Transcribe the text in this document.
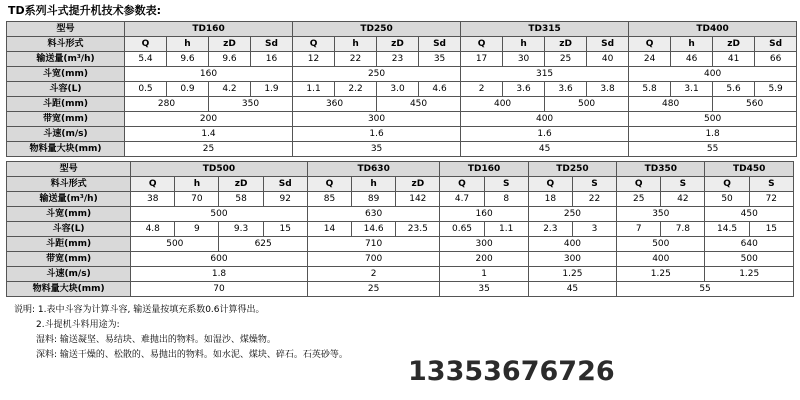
TD系列斗式提升机技术参数表:
型号	TD160				TD250				TD315				TD400			
料斗形式	Q	h	zD	Sd	Q	h	zD	Sd	Q	h	zD	Sd	Q	h	zD	Sd
输送量(m³/h)	5.4	9.6	9.6	16	12	22	23	35	17	30	25	40	24	46	41	66
斗宽(mm)	160				250				315				400			
斗容(L)	0.5	0.9	4.2	1.9	1.1	2.2	3.0	4.6	2	3.6	3.6	3.8	5.8	3.1	5.6	5.9
斗距(mm)	280		350		360		450		400		500		480		560	
带宽(mm)	200				300				400				500			
斗速(m/s)	1.4				1.6				1.6				1.8			
物料量大块(mm)	25				35				45				55			
型号	TD500				TD630			TD160		TD250		TD350		TD450	
料斗形式	Q	h	zD	Sd	Q	h	zD	Q	S	Q	S	Q	S	Q	S
输送量(m³/h)	38	70	58	92	85	89	142	4.7	8	18	22	25	42	50	72
斗宽(mm)	500				630			160		250		350		450	
斗容(L)	4.8	9	9.3	15	14	14.6	23.5	0.65	1.1	2.3	3	7	7.8	14.5	15
斗距(mm)	500		625		710			300		400		500		640	
带宽(mm)	600				700			200		300		400		500	
斗速(m/s)	1.8				2			1		1.25		1.25		1.25	
物料量大块(mm)	70				25			35		45		55			
说明: 1.表中斗容为计算斗容, 输送量按填充系数0.6计算得出。
2.斗提机斗料用途为:
湿料: 输送凝坚、易结块、难抛出的物料。如湿沙、煤燥物。
深料: 输送干燥的、松散的、易抛出的物料。如水泥、煤块、碎石。石英砂等。
13353676726
